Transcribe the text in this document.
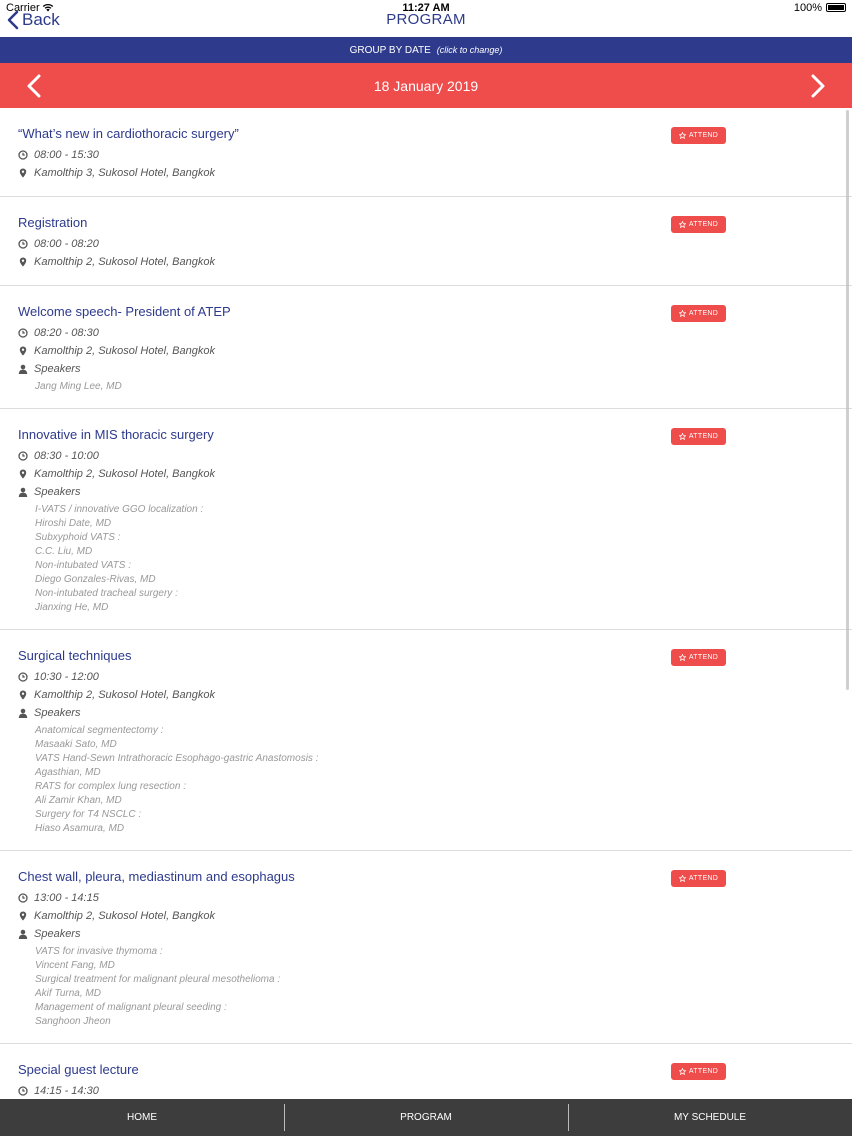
Carrier	11:27 AM	100%
Back	PROGRAM
GROUP BY DATE (click to change)
18 January 2019
“What’s new in cardiothoracic surgery”
08:00 - 15:30
Kamolthip 3, Sukosol Hotel, Bangkok
ATTEND
Registration
08:00 - 08:20
Kamolthip 2, Sukosol Hotel, Bangkok
ATTEND
Welcome speech- President of ATEP
08:20 - 08:30
Kamolthip 2, Sukosol Hotel, Bangkok
Speakers
Jang Ming Lee, MD
ATTEND
Innovative in MIS thoracic surgery
08:30 - 10:00
Kamolthip 2, Sukosol Hotel, Bangkok
Speakers
I-VATS / innovative GGO localization :
Hiroshi Date, MD
Subxyphoid VATS :
C.C. Liu, MD
Non-intubated VATS :
Diego Gonzales-Rivas, MD
Non-intubated tracheal surgery :
Jianxing He, MD
ATTEND
Surgical techniques
10:30 - 12:00
Kamolthip 2, Sukosol Hotel, Bangkok
Speakers
Anatomical segmentectomy :
Masaaki Sato, MD
VATS Hand-Sewn Intrathoracic Esophago-gastric Anastomosis :
Agasthian, MD
RATS for complex lung resection :
Ali Zamir Khan, MD
Surgery for T4 NSCLC :
Hiaso Asamura, MD
ATTEND
Chest wall, pleura, mediastinum and esophagus
13:00 - 14:15
Kamolthip 2, Sukosol Hotel, Bangkok
Speakers
VATS for invasive thymoma :
Vincent Fang, MD
Surgical treatment for malignant pleural mesothelioma :
Akif Turna, MD
Management of malignant pleural seeding :
Sanghoon Jheon
ATTEND
Special guest lecture
14:15 - 14:30
ATTEND
HOME	PROGRAM	MY SCHEDULE
